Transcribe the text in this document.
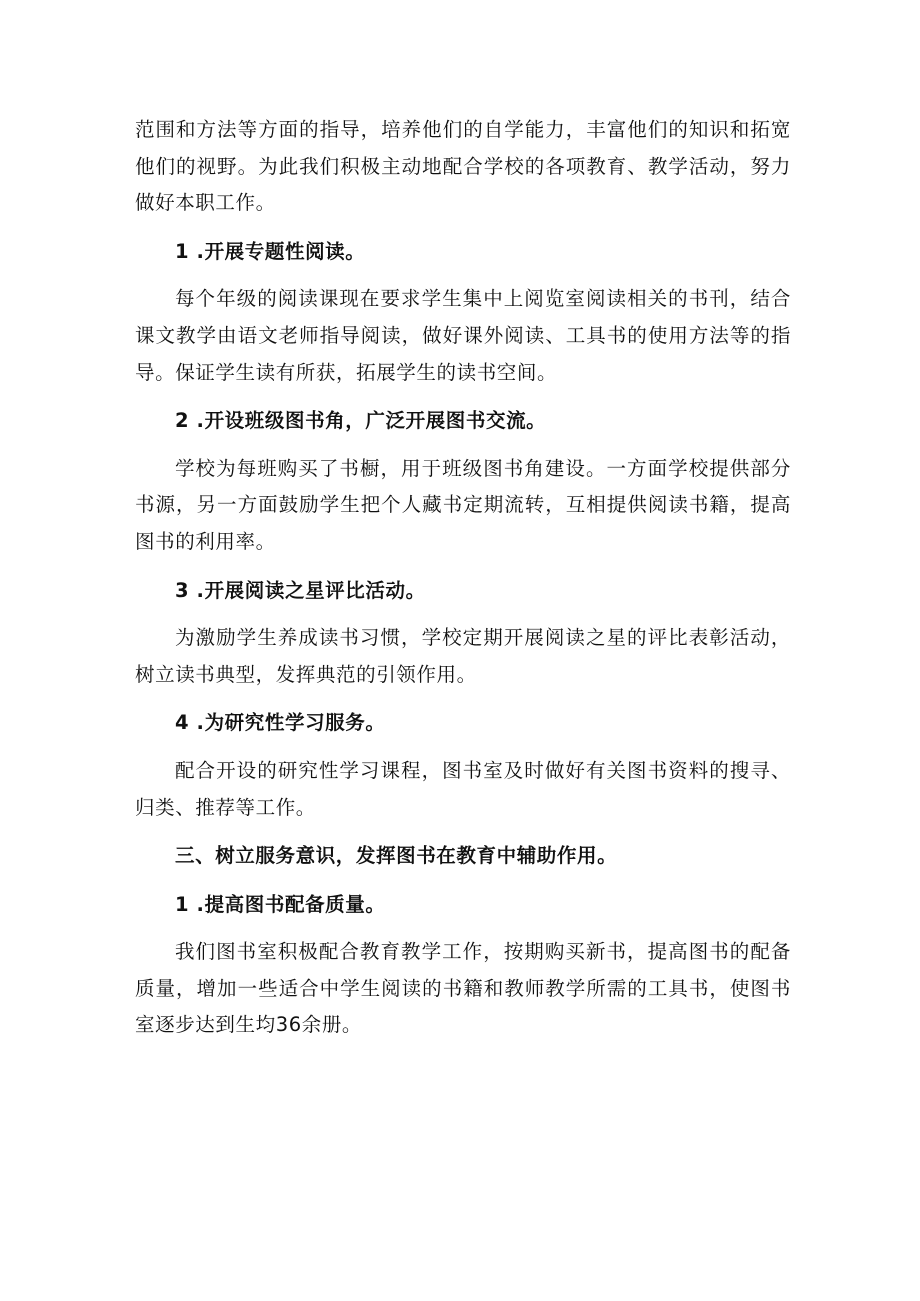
范围和方法等方面的指导，培养他们的自学能力，丰富他们的知识和拓宽他们的视野。为此我们积极主动地配合学校的各项教育、教学活动，努力做好本职工作。

1 .开展专题性阅读。

每个年级的阅读课现在要求学生集中上阅览室阅读相关的书刊，结合课文教学由语文老师指导阅读，做好课外阅读、工具书的使用方法等的指导。保证学生读有所获，拓展学生的读书空间。

2 .开设班级图书角，广泛开展图书交流。

学校为每班购买了书橱，用于班级图书角建设。一方面学校提供部分书源，另一方面鼓励学生把个人藏书定期流转，互相提供阅读书籍，提高图书的利用率。

3 .开展阅读之星评比活动。

为激励学生养成读书习惯，学校定期开展阅读之星的评比表彰活动，树立读书典型，发挥典范的引领作用。

4 .为研究性学习服务。

配合开设的研究性学习课程，图书室及时做好有关图书资料的搜寻、归类、推荐等工作。

三、树立服务意识，发挥图书在教育中辅助作用。

1 .提高图书配备质量。

我们图书室积极配合教育教学工作，按期购买新书，提高图书的配备质量，增加一些适合中学生阅读的书籍和教师教学所需的工具书，使图书室逐步达到生均36余册。
